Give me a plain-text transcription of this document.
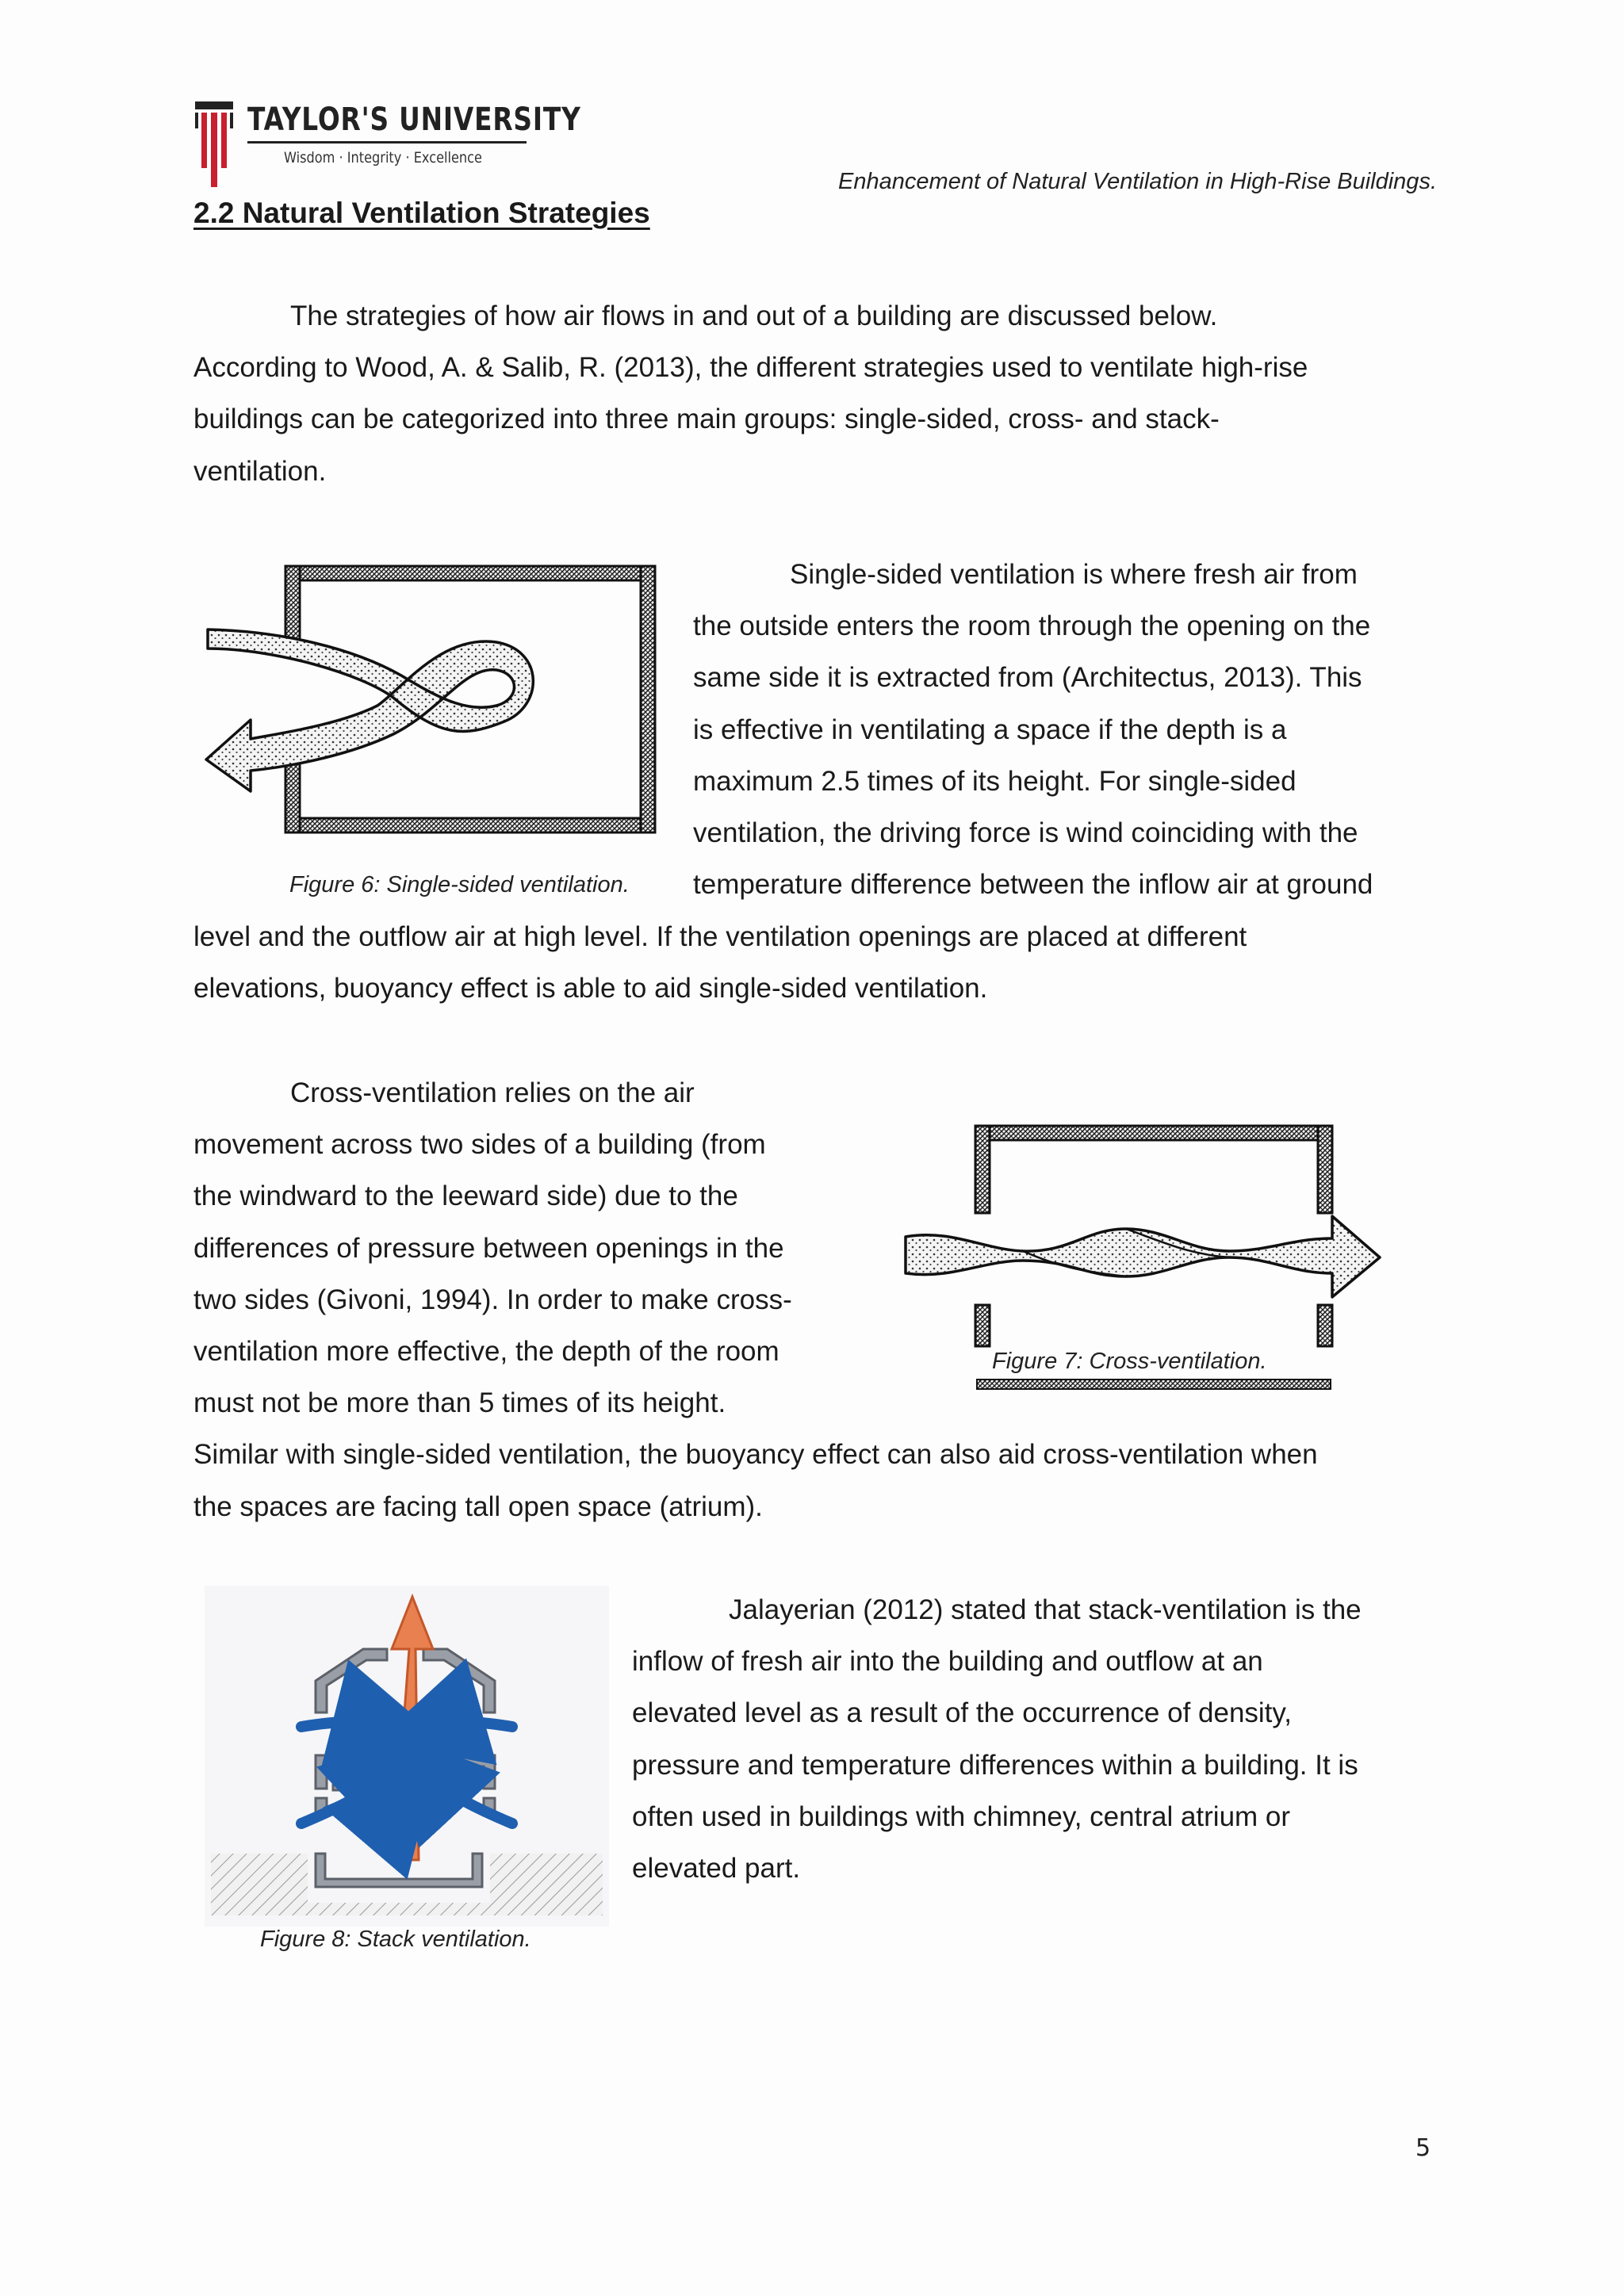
TAYLOR'S UNIVERSITY
Wisdom · Integrity · Excellence
Enhancement of Natural Ventilation in High-Rise Buildings.
2.2 Natural Ventilation Strategies
The strategies of how air flows in and out of a building are discussed below.
According to Wood, A. & Salib, R. (2013), the different strategies used to ventilate high-rise
buildings can be categorized into three main groups: single-sided, cross- and stack-
ventilation.
Figure 6: Single-sided ventilation.
Single-sided ventilation is where fresh air from
the outside enters the room through the opening on the
same side it is extracted from (Architectus, 2013). This
is effective in ventilating a space if the depth is a
maximum 2.5 times of its height. For single-sided
ventilation, the driving force is wind coinciding with the
temperature difference between the inflow air at ground
level and the outflow air at high level. If the ventilation openings are placed at different
elevations, buoyancy effect is able to aid single-sided ventilation.
Cross-ventilation relies on the air
movement across two sides of a building (from
the windward to the leeward side) due to the
differences of pressure between openings in the
two sides (Givoni, 1994). In order to make cross-
ventilation more effective, the depth of the room
must not be more than 5 times of its height.
Similar with single-sided ventilation, the buoyancy effect can also aid cross-ventilation when
the spaces are facing tall open space (atrium).
Figure 7: Cross-ventilation.
Figure 8: Stack ventilation.
Jalayerian (2012) stated that stack-ventilation is the
inflow of fresh air into the building and outflow at an
elevated level as a result of the occurrence of density,
pressure and temperature differences within a building. It is
often used in buildings with chimney, central atrium or
elevated part.
5
